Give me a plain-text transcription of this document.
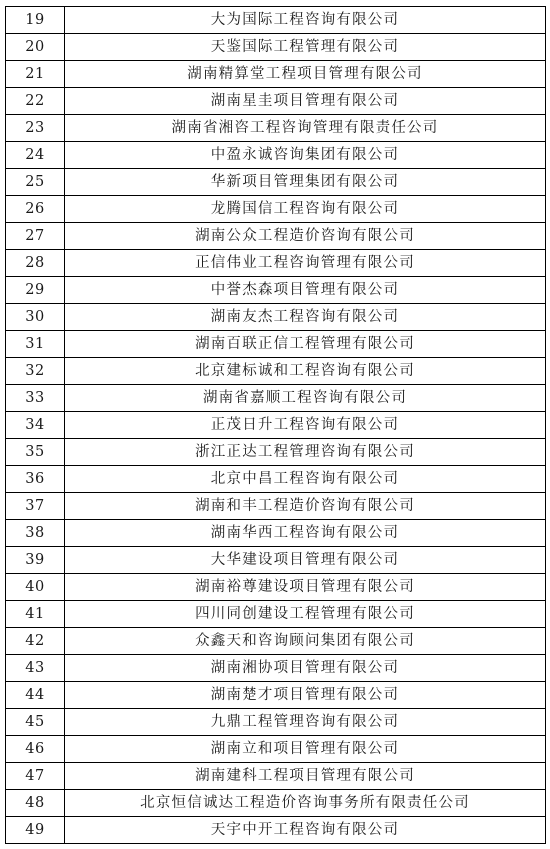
19	大为国际工程咨询有限公司
20	天鉴国际工程管理有限公司
21	湖南精算堂工程项目管理有限公司
22	湖南星圭项目管理有限公司
23	湖南省湘咨工程咨询管理有限责任公司
24	中盈永诚咨询集团有限公司
25	华新项目管理集团有限公司
26	龙腾国信工程咨询有限公司
27	湖南公众工程造价咨询有限公司
28	正信伟业工程咨询管理有限公司
29	中誉杰森项目管理有限公司
30	湖南友杰工程咨询有限公司
31	湖南百联正信工程管理有限公司
32	北京建标诚和工程咨询有限公司
33	湖南省嘉顺工程咨询有限公司
34	正茂日升工程咨询有限公司
35	浙江正达工程管理咨询有限公司
36	北京中昌工程咨询有限公司
37	湖南和丰工程造价咨询有限公司
38	湖南华西工程咨询有限公司
39	大华建设项目管理有限公司
40	湖南裕尊建设项目管理有限公司
41	四川同创建设工程管理有限公司
42	众鑫天和咨询顾问集团有限公司
43	湖南湘协项目管理有限公司
44	湖南楚才项目管理有限公司
45	九鼎工程管理咨询有限公司
46	湖南立和项目管理有限公司
47	湖南建科工程项目管理有限公司
48	北京恒信诚达工程造价咨询事务所有限责任公司
49	天宇中开工程咨询有限公司
